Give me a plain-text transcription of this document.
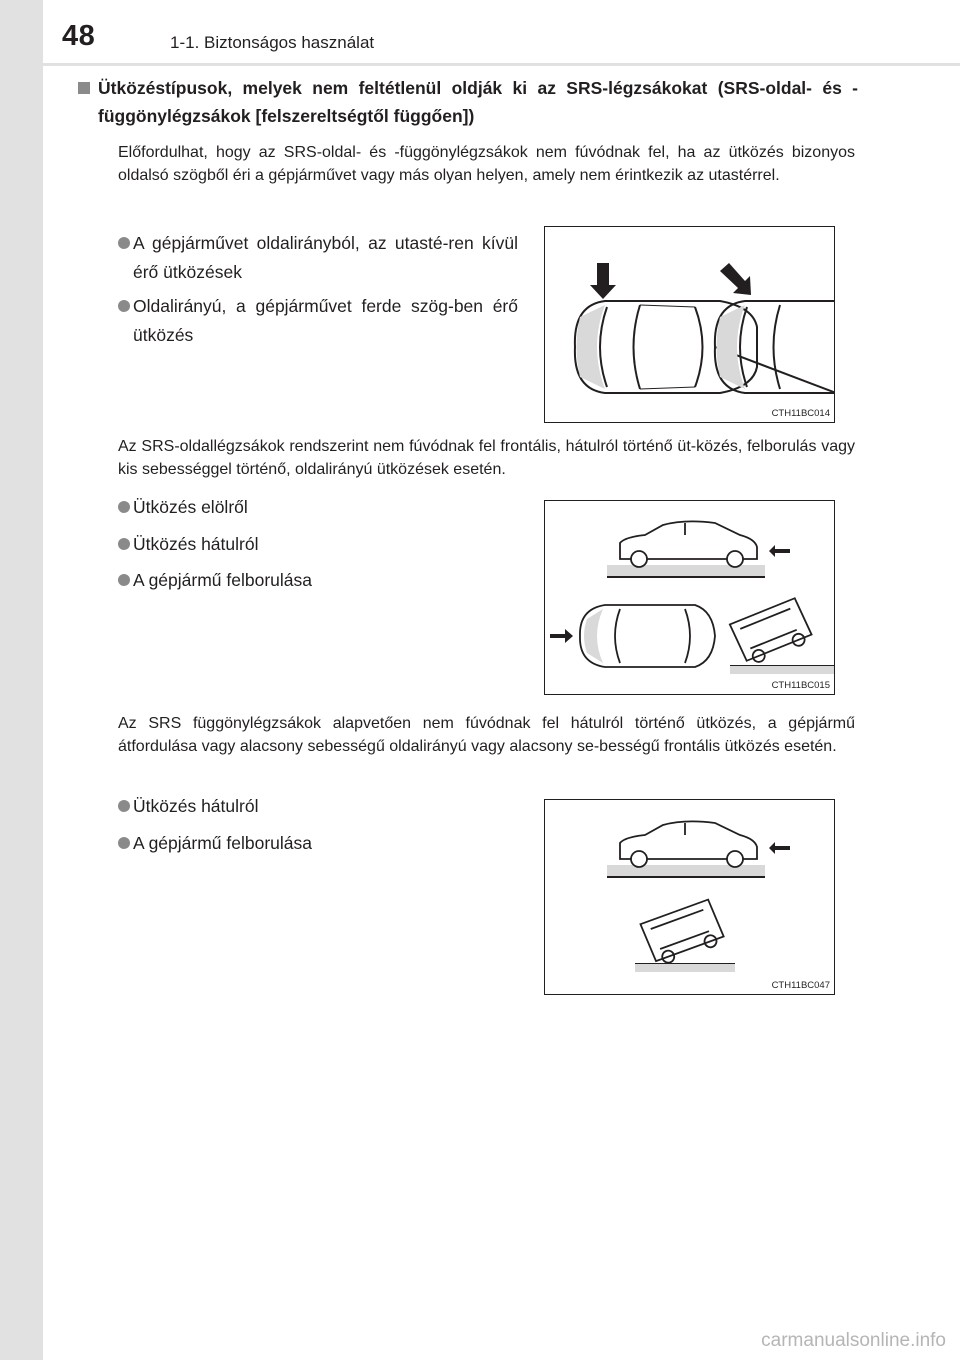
48	1-1. Biztonságos használat
Ütközéstípusok, melyek nem feltétlenül oldják ki az SRS-légzsákokat (SRS-oldal- és -függönylégzsákok [felszereltségtől függően])
Előfordulhat, hogy az SRS-oldal- és -függönylégzsákok nem fúvódnak fel, ha az ütközés bizonyos oldalsó szögből éri a gépjárművet vagy más olyan helyen, amely nem érintkezik az utastérrel.
A gépjárművet oldalirányból, az utasté-ren kívül érő ütközések
Oldalirányú, a gépjárművet ferde szög-ben érő ütközés
CTH11BC014
Az SRS-oldallégzsákok rendszerint nem fúvódnak fel frontális, hátulról történő üt-közés, felborulás vagy kis sebességgel történő, oldalirányú ütközések esetén.
Ütközés elölről
Ütközés hátulról
A gépjármű felborulása
CTH11BC015
Az SRS függönylégzsákok alapvetően nem fúvódnak fel hátulról történő ütközés, a gépjármű átfordulása vagy alacsony sebességű oldalirányú vagy alacsony se-bességű frontális ütközés esetén.
Ütközés hátulról
A gépjármű felborulása
CTH11BC047
carmanualsonline.info
